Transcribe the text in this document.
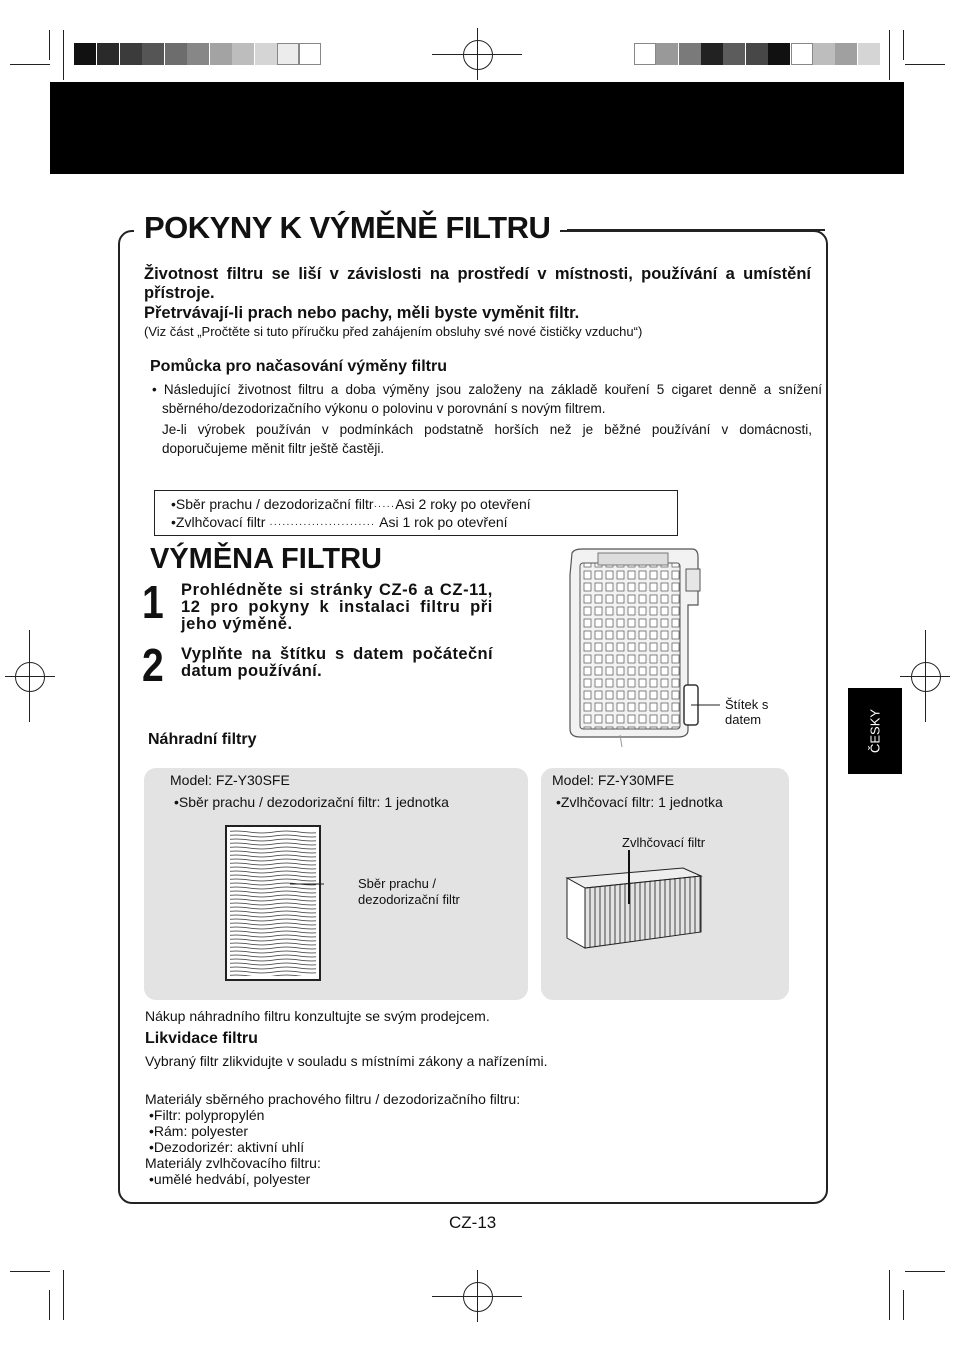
POKYNY K VÝMĚNĚ FILTRU
Životnost filtru se liší v závislosti na prostředí v místnosti, používání a umístění přístroje.
Přetrvávají-li prach nebo pachy, měli byste vyměnit filtr.
(Viz část „Pročtěte si tuto příručku před zahájením obsluhy své nové čističky vzduchu“)
Pomůcka pro načasování výměny filtru
• Následující životnost filtru a doba výměny jsou založeny na základě kouření 5 cigaret denně a snížení sběrného/dezodorizačního výkonu o polovinu v porovnání s novým filtrem.
Je-li výrobek používán v podmínkách podstatně horších než je běžné používání v domácnosti, doporučujeme měnit filtr ještě častěji.
•Sběr prachu / dezodorizační filtr·····Asi 2 roky po otevření
•Zvlhčovací filtr ························· Asi 1 rok po otevření
VÝMĚNA FILTRU
1 Prohlédněte si stránky CZ-6 a CZ-11, 12 pro pokyny k instalaci filtru při jeho výměně.
2 Vyplňte na štítku s datem počáteční datum používání.
Štítek s
datem
Náhradní filtry
Model: FZ-Y30SFE
•Sběr prachu / dezodorizační filtr: 1 jednotka
Sběr prachu /
dezodorizační filtr
Model: FZ-Y30MFE
•Zvlhčovací filtr: 1 jednotka
Zvlhčovací filtr
Nákup náhradního filtru konzultujte se svým prodejcem.
Likvidace filtru
Vybraný filtr zlikvidujte v souladu s místními zákony a nařízeními.
Materiály sběrného prachového filtru / dezodorizačního filtru:
•Filtr: polypropylén
•Rám: polyester
•Dezodorizér: aktivní uhlí
Materiály zvlhčovacího filtru:
•umělé hedvábí, polyester
CZ-13
ČESKY
